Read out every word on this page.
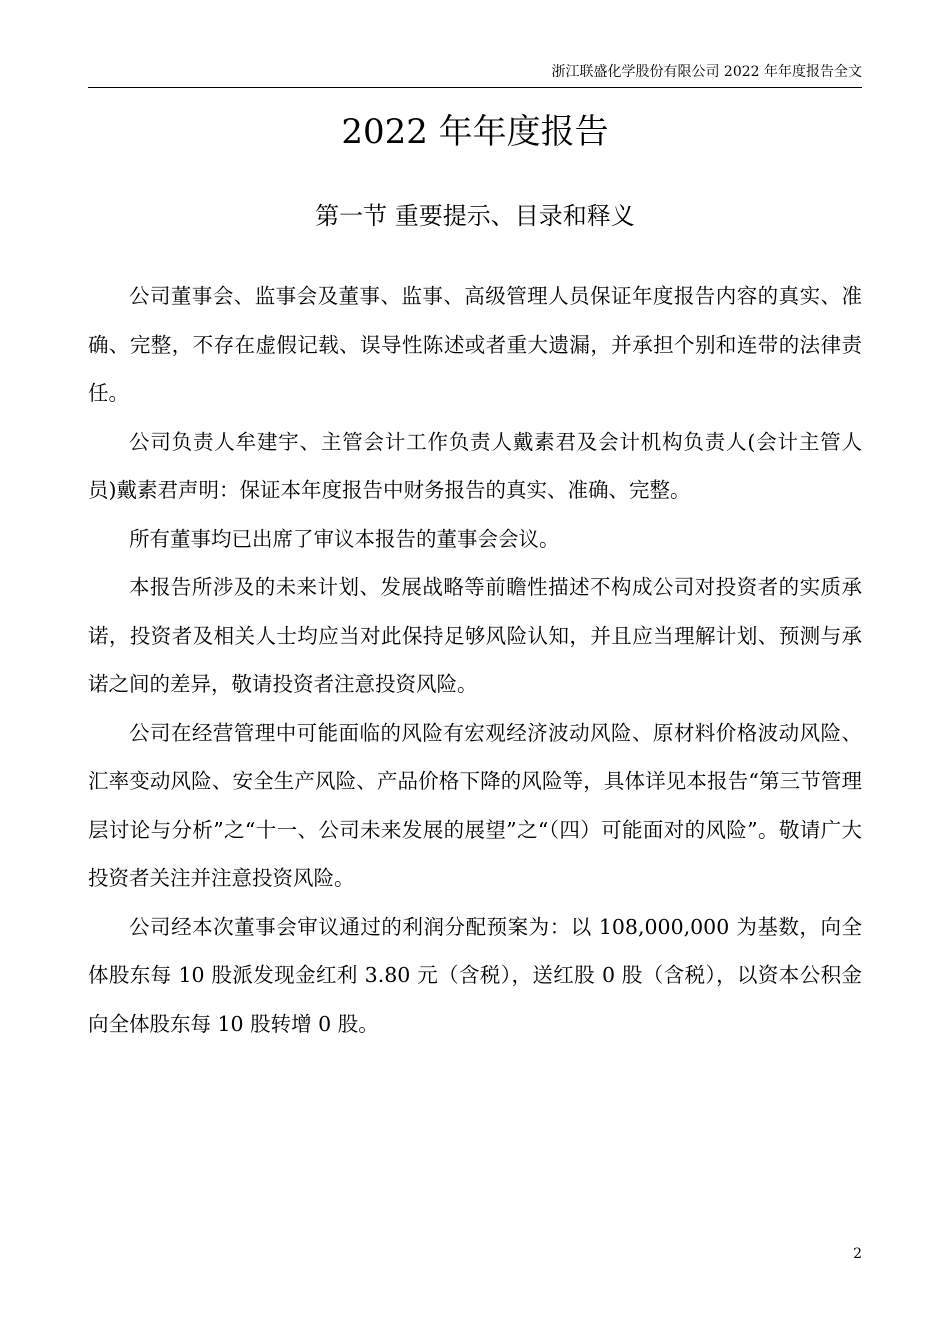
浙江联盛化学股份有限公司 2022 年年度报告全文
2022 年年度报告
第一节 重要提示、目录和释义

公司董事会、监事会及董事、监事、高级管理人员保证年度报告内容的真实、准确、完整，不存在虚假记载、误导性陈述或者重大遗漏，并承担个别和连带的法律责任。

公司负责人牟建宇、主管会计工作负责人戴素君及会计机构负责人(会计主管人员)戴素君声明：保证本年度报告中财务报告的真实、准确、完整。

所有董事均已出席了审议本报告的董事会会议。

本报告所涉及的未来计划、发展战略等前瞻性描述不构成公司对投资者的实质承诺，投资者及相关人士均应当对此保持足够风险认知，并且应当理解计划、预测与承诺之间的差异，敬请投资者注意投资风险。

公司在经营管理中可能面临的风险有宏观经济波动风险、原材料价格波动风险、汇率变动风险、安全生产风险、产品价格下降的风险等，具体详见本报告“第三节管理层讨论与分析”之“十一、公司未来发展的展望”之“（四）可能面对的风险”。敬请广大投资者关注并注意投资风险。

公司经本次董事会审议通过的利润分配预案为：以 108,000,000 为基数，向全体股东每 10 股派发现金红利 3.80 元（含税），送红股 0 股（含税），以资本公积金向全体股东每 10 股转增 0 股。

2
